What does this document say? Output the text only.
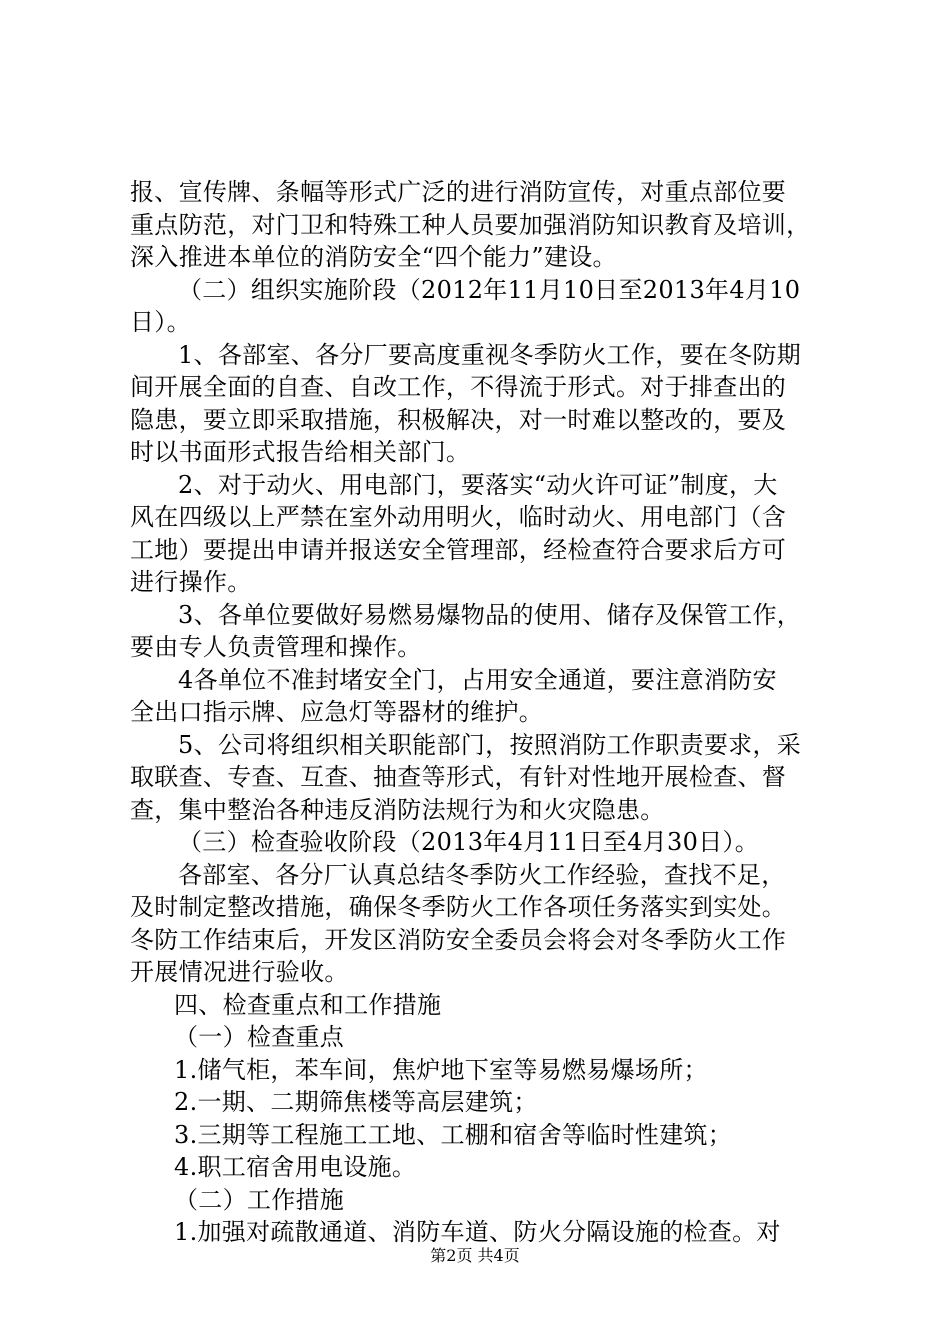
报、宣传牌、条幅等形式广泛的进行消防宣传，对重点部位要
重点防范，对门卫和特殊工种人员要加强消防知识教育及培训，
深入推进本单位的消防安全“四个能力”建设。
（二）组织实施阶段（2012年11月10日至2013年4月10
日）。
1、各部室、各分厂要高度重视冬季防火工作，要在冬防期
间开展全面的自查、自改工作，不得流于形式。对于排查出的
隐患，要立即采取措施，积极解决，对一时难以整改的，要及
时以书面形式报告给相关部门。
2、对于动火、用电部门，要落实“动火许可证”制度，大
风在四级以上严禁在室外动用明火，临时动火、用电部门（含
工地）要提出申请并报送安全管理部，经检查符合要求后方可
进行操作。
3、各单位要做好易燃易爆物品的使用、储存及保管工作，
要由专人负责管理和操作。
4各单位不准封堵安全门，占用安全通道，要注意消防安
全出口指示牌、应急灯等器材的维护。
5、公司将组织相关职能部门，按照消防工作职责要求，采
取联查、专查、互查、抽查等形式，有针对性地开展检查、督
查，集中整治各种违反消防法规行为和火灾隐患。
（三）检查验收阶段（2013年4月11日至4月30日）。
各部室、各分厂认真总结冬季防火工作经验，查找不足，
及时制定整改措施，确保冬季防火工作各项任务落实到实处。
冬防工作结束后，开发区消防安全委员会将会对冬季防火工作
开展情况进行验收。
四、检查重点和工作措施
（一）检查重点
1.储气柜，苯车间，焦炉地下室等易燃易爆场所；
2.一期、二期筛焦楼等高层建筑；
3.三期等工程施工工地、工棚和宿舍等临时性建筑；
4.职工宿舍用电设施。
（二）工作措施
1.加强对疏散通道、消防车道、防火分隔设施的检查。对
第2页 共4页
